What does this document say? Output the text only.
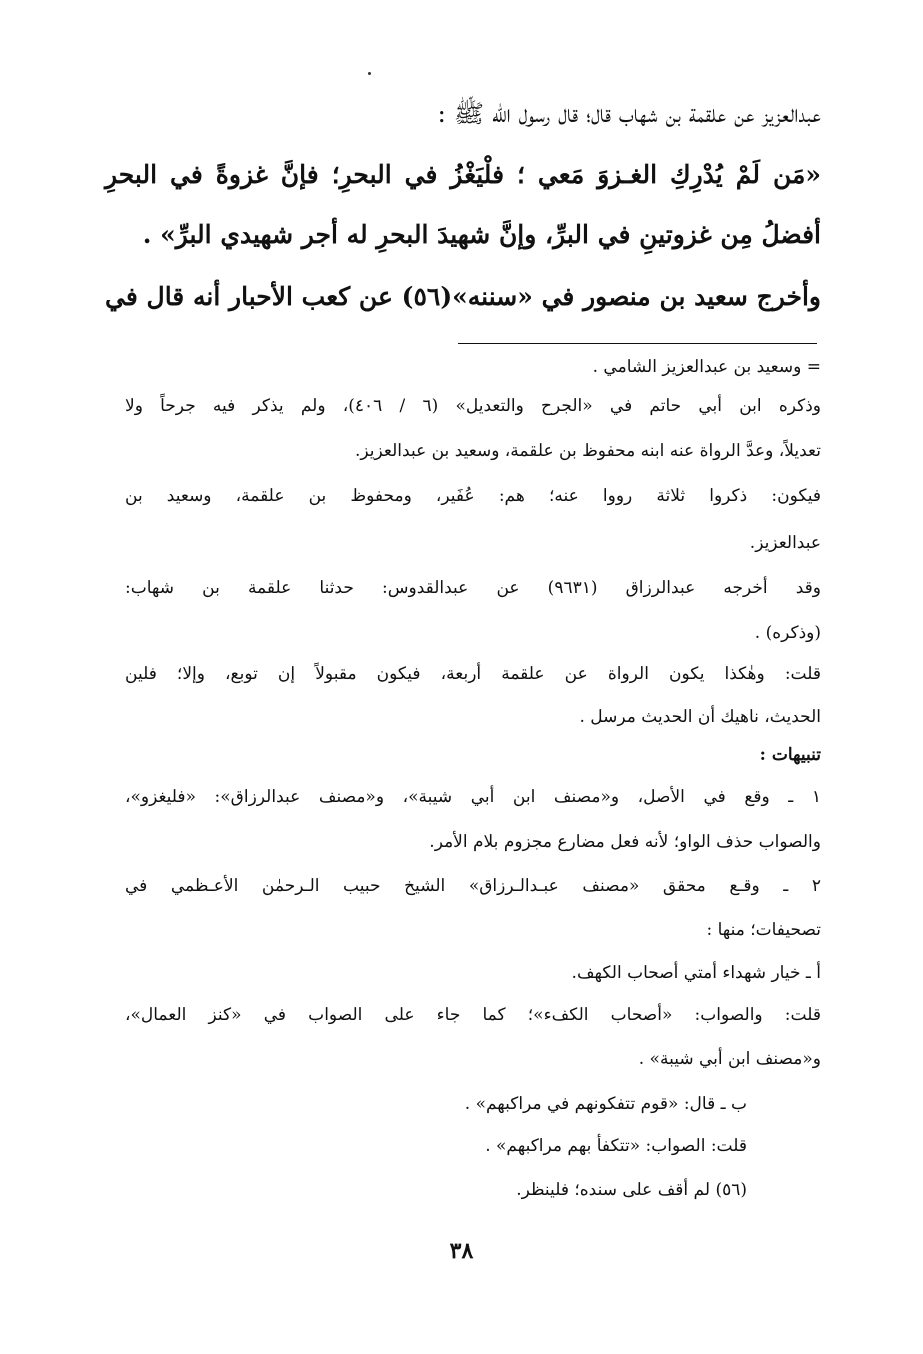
عبدالعزيز عن علقمة بن شهاب قال؛ قال رسول الله ﷺ :
«مَن لَمْ يُدْرِكِ الغـزوَ مَعي ؛ فلْيَغْزُ في البحرِ؛ فإنَّ غزوةً في البحرِ
أفضلُ مِن غزوتينِ في البرِّ، وإنَّ شهيدَ البحرِ له أجر شهيدي البرِّ» .
وأخرج سعيد بن منصور في «سننه»(٥٦) عن كعب الأحبار أنه قال في
= وسعيد بن عبدالعزيز الشامي .
وذكره ابن أبي حاتم في «الجرح والتعديل» (٦ / ٤٠٦)، ولم يذكر فيه جرحاً ولا
تعديلاً، وعدَّ الرواة عنه ابنه محفوظ بن علقمة، وسعيد بن عبدالعزيز.
فيكون: ذكروا ثلاثة رووا عنه؛ هم: عُفَير، ومحفوظ بن علقمة، وسعيد بن
عبدالعزيز.
وقد أخرجه عبدالرزاق (٩٦٣١) عن عبدالقدوس: حدثنا علقمة بن شهاب:
(وذكره) .
قلت: وهٰكذا يكون الرواة عن علقمة أربعة، فيكون مقبولاً إن توبع، وإلا؛ فلين
الحديث، ناهيك أن الحديث مرسل .
تنبيهات :
١ ـ وقع في الأصل، و«مصنف ابن أبي شيبة»، و«مصنف عبدالرزاق»: «فليغزو»،
والصواب حذف الواو؛ لأنه فعل مضارع مجزوم بلام الأمر.
٢ ـ وقـع محقق «مصنف عبـدالـرزاق» الشيخ حبيب الـرحمٰن الأعـظمي في
تصحيفات؛ منها :
أ ـ خيار شهداء أمتي أصحاب الكهف.
قلت: والصواب: «أصحاب الكفء»؛ كما جاء على الصواب في «كنز العمال»،
و«مصنف ابن أبي شيبة» .
ب ـ قال: «قوم تتفكونهم في مراكبهم» .
قلت: الصواب: «تتكفأ بهم مراكبهم» .
(٥٦) لم أقف على سنده؛ فلينظر.
٣٨
